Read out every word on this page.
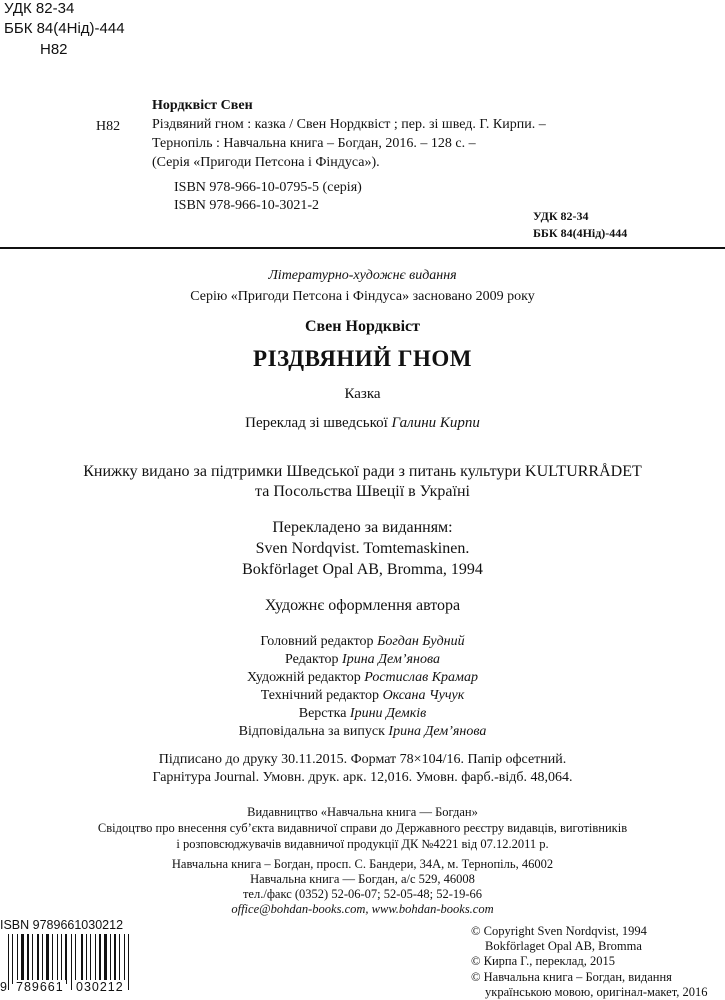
УДК 82-34
ББК 84(4Нід)-444
Н82
Н82
Нордквіст Свен
Різдвяний гном : казка / Свен Нордквіст ; пер. зі швед. Г. Кирпи. –
Тернопіль : Навчальна книга – Богдан, 2016. – 128 с. –
(Серія «Пригоди Петсона і Фіндуса»).
ISBN 978-966-10-0795-5 (серія)
ISBN 978-966-10-3021-2
УДК 82-34
ББК 84(4Нід)-444
Літературно-художнє видання
Серію «Пригоди Петсона і Фіндуса» засновано 2009 року
Свен Нордквіст
РІЗДВЯНИЙ ГНОМ
Казка
Переклад зі шведської Галини Кирпи
Книжку видано за підтримки Шведської ради з питань культури KULTURRÅDET
та Посольства Швеції в Україні
Перекладено за виданням:
Sven Nordqvist. Tomtemaskinen.
Bokförlaget Opal AB, Bromma, 1994
Художнє оформлення автора
Головний редактор Богдан Будний
Редактор Ірина Дем’янова
Художній редактор Ростислав Крамар
Технічний редактор Оксана Чучук
Верстка Ірини Демків
Відповідальна за випуск Ірина Дем’янова
Підписано до друку 30.11.2015. Формат 78×104/16. Папір офсетний.
Гарнітура Journal. Умовн. друк. арк. 12,016. Умовн. фарб.-відб. 48,064.
Видавництво «Навчальна книга — Богдан»
Свідоцтво про внесення суб’єкта видавничої справи до Державного реєстру видавців, виготівників
і розповсюджувачів видавничої продукції ДК №4221 від 07.12.2011 р.
Навчальна книга – Богдан, просп. С. Бандери, 34А, м. Тернопіль, 46002
Навчальна книга — Богдан, а/с 529, 46008
тел./факс (0352) 52-06-07; 52-05-48; 52-19-66
office@bohdan-books.com, www.bohdan-books.com
ISBN 9789661030212
9 789661 030212
© Copyright Sven Nordqvist, 1994
Bokförlaget Opal AB, Bromma
© Кирпа Г., переклад, 2015
© Навчальна книга – Богдан, видання
українською мовою, оригінал-макет, 2016
